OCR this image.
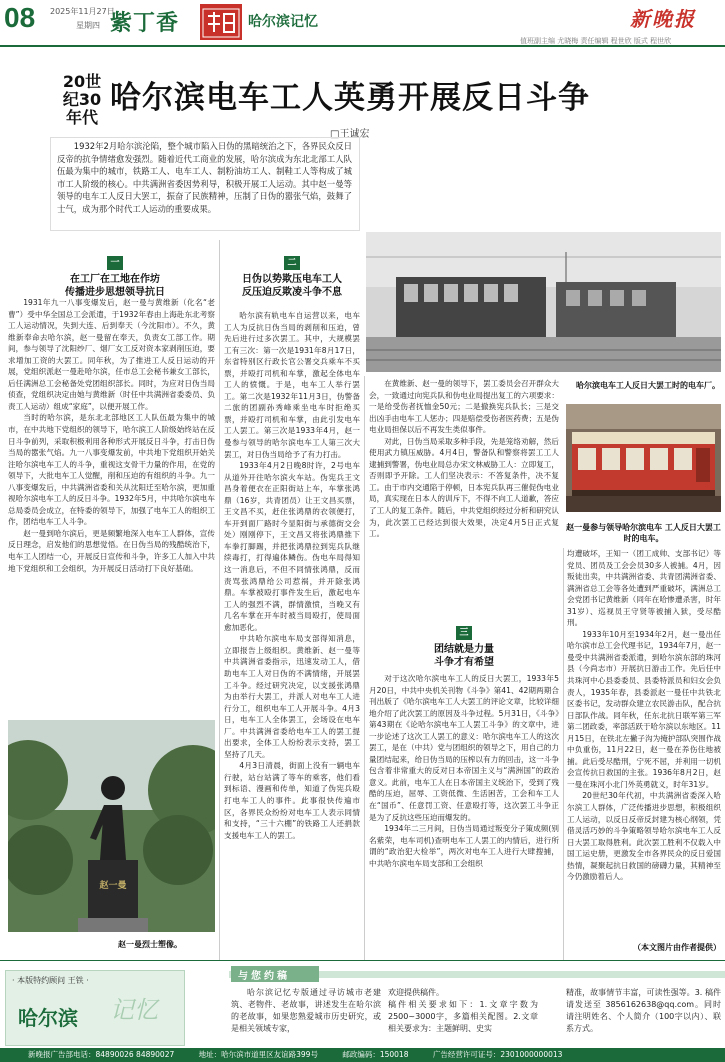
08 2025年11月27日
星期四 紫丁香	哈尔滨记忆	新晚报
值班副主编 尤晓梅 责任编辑 程世欣 版式 程世欣
20世纪30年代
哈尔滨电车工人英勇开展反日斗争
□王诚宏
1932年2月哈尔滨沦陷，整个城市陷入日伪的黑暗统治之下，各界民众反日反帝的抗争情绪愈发强烈。随着近代工商业的发展，哈尔滨成为东北北部工人队伍最为集中的城市，铁路工人、电车工人、制粉油坊工人、制鞋工人等构成了城市工人阶级的核心。中共满洲省委因势利导，积极开展工人运动。其中赵一曼等领导的电车工人反日大罢工，振奋了民族精神，压制了日伪的嚣张气焰，鼓舞了士气，成为那个时代工人运动的重要成果。
哈尔滨电车工人反日大罢工时的电车厂。
赵一曼参与领导哈尔滨电车 工人反日大罢工时的电车。
赵一曼
赵一曼烈士塑像。
一
在工厂在工地在作坊
传播进步思想领导抗日

1931年九一八事变爆发后，赵一曼与黄维新（化名“老曹”）受中华全国总工会派遣，于1932年春由上海赴东北考察工人运动情况，失到大连、后到奉天（今沈阳市）。不久，黄维新奉命去哈尔滨，赵一曼留在奉天，负责女工部工作。期间，参与领导了沈阳纱厂、烟厂女工反对资本家剥削压迫，要求增加工资的大罢工。同年秋，为了推进工人反日运动的开展，党组织派赵一曼赴哈尔滨，任市总工会秘书兼女工部长，后任满洲总工会秘备处党团组织部长。同时，为应对日伪当局侦查，党组织决定由她与黄维新（时任中共满洲省委委员、负责工人运动）组成“家庭”，以便开展工作。

当时的哈尔滨，是东北北部地区工人队伍最为集中的城市，在中共地下党组织的领导下，哈尔滨工人阶级始终站在反日斗争前列，采取积极利用各种形式开展反日斗争，打击日伪当局的嚣张气焰。九一八事变爆发前，中共地下党组织开始关注哈尔滨电车工人的斗争，重视这支骨干力量的作用，在党的领导下，大批电车工人觉醒，削和压迫的有组织的斗争。九一八事变爆发后，中共满洲省委和关从沈阳迁至哈尔滨，更加重视哈尔滨电车工人的反日斗争。1932年5月，中共哈尔滨电车总局委员会成立，在特委的领导下，加强了电车工人的组织工作，团结电车工人斗争。

赵一曼到哈尔滨后，更是频繁地深入电车工人群体，宣传反日理念，启发他们的思想觉悟。在日伪当局的残酷统治下，电车工人团结一心，开展反日宣传和斗争，许多工人加入中共地下党组织和工会组织，为开展反日活动打下良好基础。

二
日伪以势欺压电车工人
反压迫反欺凌斗争不息

哈尔滨有轨电车自运营以来，电车工人为反抗日伪当局的剥削和压迫，曾先后进行过多次罢工。其中，大规模罢工有三次：第一次是1931年8月17日，东省特别区行政长官公署交兵乘车不买票，并殴打司机和车掌，激起全体电车工人的愤慨。于是，电车工人举行罢工。第二次是1932年11月3日，伪警备二旅的团副孙秀峰乘坐电车时拒绝买票，并殴打司机和车掌，由此引发电车工人罢工。第三次是1933年4月，赵一曼参与领导的哈尔滨电车工人第三次大罢工，对日伪当局给予了有力打击。

1933年4月2日晚8时许，2号电车从道外开往哈尔滨火车站。伪宪兵王文昌身着便衣在正阳街站上车，车掌张鸿鼎（16岁，共青团员）让王文昌买票，王文昌不买，赶住张鸿鼎的衣领便打，车开到面厂路时今显阳街与承德街交会处）刚刚停下，王文昌又将张鸿鼎推下车拳打脚踢，并把张鸿鼎拉到宪兵队继续毒打，打得遍体鳞伤。伪电车局得知这一消息后，不但不同情张鸿鼎，反而责骂张鸿鼎给公司惹祸，并开除张鸿鼎。车掌被殴打事件发生后，激起电车工人的强烈不满，群情激愤，当晚又有几名车掌在开车时被当局殴打，使局面愈加恶化。

中共哈尔滨电车局支部得知消息，立即报告上级组织。黄维新、赵一曼等中共满洲省委指示，迅速发动工人，借助电车工人对日伪的不满情绪，开展罢工斗争。经过研究决定，以支援张鸿鼎为由举行大罢工，并派人对电车工人进行分工，组织电车工人开展斗争。4月3日，电车工人全体罢工，会场设在电车厂。中共满洲省委给电车工人的罢工提出要求，全体工人纷纷表示支持，罢工坚持了几天。

4月3日清晨，街面上没有一辆电车行驶，站台站满了等车的乘客，他们看到标语、漫画和传单，知道了伪宪兵殴打电车工人的事件。此事很快传遍市区，各界民众纷纷对电车工人表示同情和支持，“三十六棚”的铁路工人还捐款支援电车工人的罢工。

在黄维新、赵一曼的领导下，罢工委员会召开群众大会，一致通过向宪兵队和伪电业局提出复工的六项要求：一是给受伤者抚恤金50元；二是撤换宪兵队长；三是交出凶手由电车工人惩办；四是赔偿受伤者医药费；五是伪电业局担保以后不再发生类似事件。

对此，日伪当局采取多种手段，先是笼络劝解，然后使用武力镇压威胁。4月4日，警备队和警察将罢工工人逮捕到警署，伪电业局总办宋文林威胁工人：立即复工，否则即予开除。工人们坚决表示：不答复条件，决不复工。由于市内交通陷于停顿，日本宪兵队再三催促伪电业局，真实现在日本人的训斥下，不得不向工人道歉，答应了工人的复工条件。随后，中共党组织经过分析和研究认为，此次罢工已经达到很大效果，决定4月5日正式复工。

三
团结就是力量
斗争才有希望

对于这次哈尔滨电车工人的反日大罢工，1933年5月20日，中共中央机关刊物《斗争》第41、42期两期合刊出版了《哈尔滨电车工人大罢工的评论文章，比较详细地介绍了此次罢工的原因及斗争过程。5月31日，《斗争》第43期在《论哈尔滨电车工人罢工斗争》的文章中，进一步论述了这次工人罢工的意义：哈尔滨电车工人的这次罢工，是在（中共）党与团组织的领导之下，用自己的力量团结起来，给日伪当局的压榨以有力的回击，这一斗争包含着非常重大的反对日本帝国主义与“满洲国”的政治意义。此前，电车工人在日本帝国主义统治下，受到了残酷的压迫，屈辱、工资低微、生活困苦，工会和车工人在“国币”、任意罚工资、任意殴打等，这次罢工斗争正是为了反抗这些压迫而爆发的。

1934年二三月间，日伪当局通过叛变分子策成频(别名紫荣，电车司机)查明电车工人罢工的内情后，进行所谓的“政治犯大检举”，两次对电车工人进行大肆搜捕，中共哈尔滨电车局支部和工会组织

均遭破坏，王知一（团工成帅、支部书记）等党员、团员及工会会员30多人被捕。4月，因叛徒出卖，中共满洲省委、共青团满洲省委、满洲省总工会等各处遭到严重破坏，满洲总工会党团书记黄维新（同年在哈惨遭杀害，时年31岁）、巡视员王守贤等被捕入狱，受尽酷刑。

1933年10月至1934年2月，赵一曼出任哈尔滨市总工会代理书记，1934年7月，赵一曼受中共满洲省委派遣，到哈尔滨东部的珠河县（今尚志市）开展抗日游击工作。先后任中共珠河中心县委委员、县委特派员和妇女会负责人，1935年春，县委派赵一曼任中共铁北区委书记，发动群众建立农民游击队，配合抗日部队作战。同年秋，任东北抗日联军第三军第二团政委，率部活跃于哈尔滨以东地区。11月15日，在铁北左撇子沟为掩护部队突围作战中负重伤，11月22日，赵一曼在养伤住地被捕。此后受尽酷刑，宁死不屈，并利用一切机会宣传抗日救国的主张。1936年8月2日，赵一曼在珠河小北门外英勇就义，时年31岁。

20世纪30年代初，中共满洲省委深入哈尔滨工人群体，广泛传播进步思想，积极组织工人运动，以反日反帝反封建为核心纲领，凭借灵活巧妙的斗争策略领导哈尔滨电车工人反日大罢工取得胜利。此次罢工胜利不仅载入中国工运史册，更激发全市各界民众的反日爱国热情，凝聚起抗日救国的磅礴力量，其精神至今仍激励着后人。

（本文图片由作者提供）
· 本版特约顾问 王铁 ·
记忆
哈尔滨
与您约稿
哈尔滨记忆专版通过寻访城市老建筑、老物件、老故事，讲述发生在哈尔滨的老故事，如果您熟爱城市历史研究，或是相关领域专家，
欢迎提供稿件。
稿件相关要求如下：1.文章字数为2500~3000字，多篇相关配图。2.文章相关要求为：主题鲜明、史实
精准，故事情节丰富，可读性强等。3. 稿件请发送至 3856162638@qq.com。同时请注明姓名、个人简介（100字以内）、联系方式。
新晚报广告部电话：84890026 84890027	地址：哈尔滨市道里区友谊路399号	邮政编码：150018	广告经营许可证号：2301000000013
